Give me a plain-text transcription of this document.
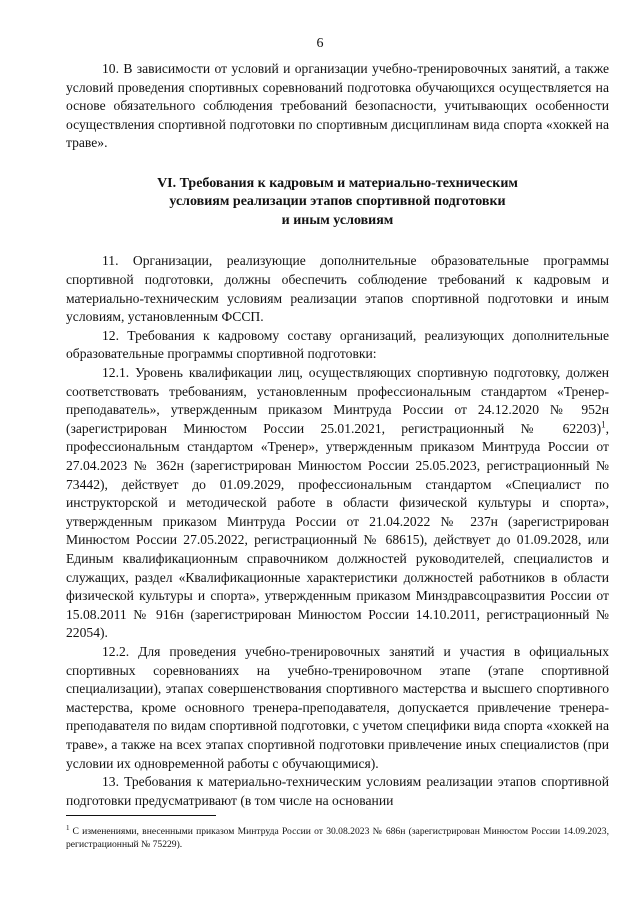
6

10. В зависимости от условий и организации учебно-тренировочных занятий, а также условий проведения спортивных соревнований подготовка обучающихся осуществляется на основе обязательного соблюдения требований безопасности, учитывающих особенности осуществления спортивной подготовки по спортивным дисциплинам вида спорта «хоккей на траве».

VI. Требования к кадровым и материально-техническим
условиям реализации этапов спортивной подготовки
и иным условиям

11. Организации, реализующие дополнительные образовательные программы спортивной подготовки, должны обеспечить соблюдение требований к кадровым и материально-техническим условиям реализации этапов спортивной подготовки и иным условиям, установленным ФССП.

12. Требования к кадровому составу организаций, реализующих дополнительные образовательные программы спортивной подготовки:

12.1. Уровень квалификации лиц, осуществляющих спортивную подготовку, должен соответствовать требованиям, установленным профессиональным стандартом «Тренер-преподаватель», утвержденным приказом Минтруда России от 24.12.2020 № 952н (зарегистрирован Минюстом России 25.01.2021, регистрационный № 62203)$^1$, профессиональным стандартом «Тренер», утвержденным приказом Минтруда России от 27.04.2023 № 362н (зарегистрирован Минюстом России 25.05.2023, регистрационный № 73442), действует до 01.09.2029, профессиональным стандартом «Специалист по инструкторской и методической работе в области физической культуры и спорта», утвержденным приказом Минтруда России от 21.04.2022 № 237н (зарегистрирован Минюстом России 27.05.2022, регистрационный № 68615), действует до 01.09.2028, или Единым квалификационным справочником должностей руководителей, специалистов и служащих, раздел «Квалификационные характеристики должностей работников в области физической культуры и спорта», утвержденным приказом Минздравсоцразвития России от 15.08.2011 № 916н (зарегистрирован Минюстом России 14.10.2011, регистрационный № 22054).

12.2. Для проведения учебно-тренировочных занятий и участия в официальных спортивных соревнованиях на учебно-тренировочном этапе (этапе спортивной специализации), этапах совершенствования спортивного мастерства и высшего спортивного мастерства, кроме основного тренера-преподавателя, допускается привлечение тренера-преподавателя по видам спортивной подготовки, с учетом специфики вида спорта «хоккей на траве», а также на всех этапах спортивной подготовки привлечение иных специалистов (при условии их одновременной работы с обучающимися).

13. Требования к материально-техническим условиям реализации этапов спортивной подготовки предусматривают (в том числе на основании

$^1$ С изменениями, внесенными приказом Минтруда России от 30.08.2023 № 686н (зарегистрирован Минюстом России 14.09.2023, регистрационный № 75229).
